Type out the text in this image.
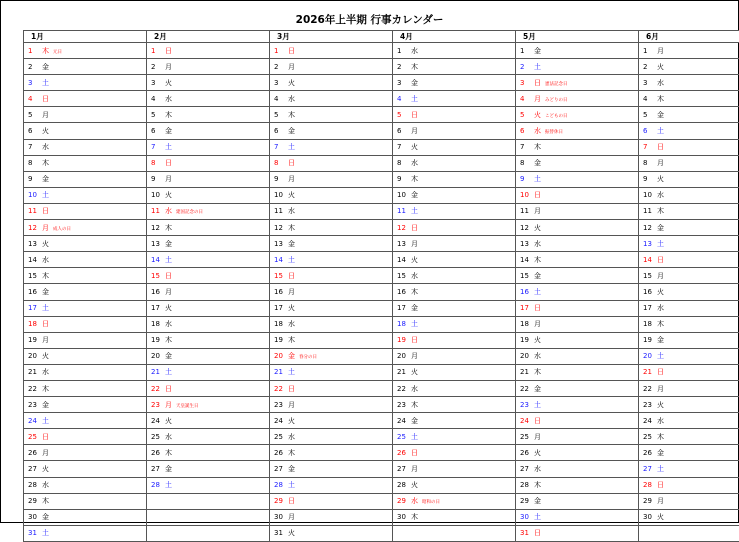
2026年上半期 行事カレンダー
1月	2月	3月	4月	5月	6月
1 木 元日	1 日	1 日	1 水	1 金	1 月
2 金	2 月	2 月	2 木	2 土	2 火
3 土	3 火	3 火	3 金	3 日 憲法記念日	3 水
4 日	4 水	4 水	4 土	4 月 みどりの日	4 木
5 月	5 木	5 木	5 日	5 火 こどもの日	5 金
6 火	6 金	6 金	6 月	6 水 振替休日	6 土
7 水	7 土	7 土	7 火	7 木	7 日
8 木	8 日	8 日	8 水	8 金	8 月
9 金	9 月	9 月	9 木	9 土	9 火
10 土	10 火	10 火	10 金	10 日	10 水
11 日	11 水 建国記念の日	11 水	11 土	11 月	11 木
12 月 成人の日	12 木	12 木	12 日	12 火	12 金
13 火	13 金	13 金	13 月	13 水	13 土
14 水	14 土	14 土	14 火	14 木	14 日
15 木	15 日	15 日	15 水	15 金	15 月
16 金	16 月	16 月	16 木	16 土	16 火
17 土	17 火	17 火	17 金	17 日	17 水
18 日	18 水	18 水	18 土	18 月	18 木
19 月	19 木	19 木	19 日	19 火	19 金
20 火	20 金	20 金 春分の日	20 月	20 水	20 土
21 水	21 土	21 土	21 火	21 木	21 日
22 木	22 日	22 日	22 水	22 金	22 月
23 金	23 月 天皇誕生日	23 月	23 木	23 土	23 火
24 土	24 火	24 火	24 金	24 日	24 水
25 日	25 水	25 水	25 土	25 月	25 木
26 月	26 木	26 木	26 日	26 火	26 金
27 火	27 金	27 金	27 月	27 水	27 土
28 水	28 土	28 土	28 火	28 木	28 日
29 木		29 日	29 水 昭和の日	29 金	29 月
30 金		30 月	30 木	30 土	30 火
31 土		31 火		31 日	
